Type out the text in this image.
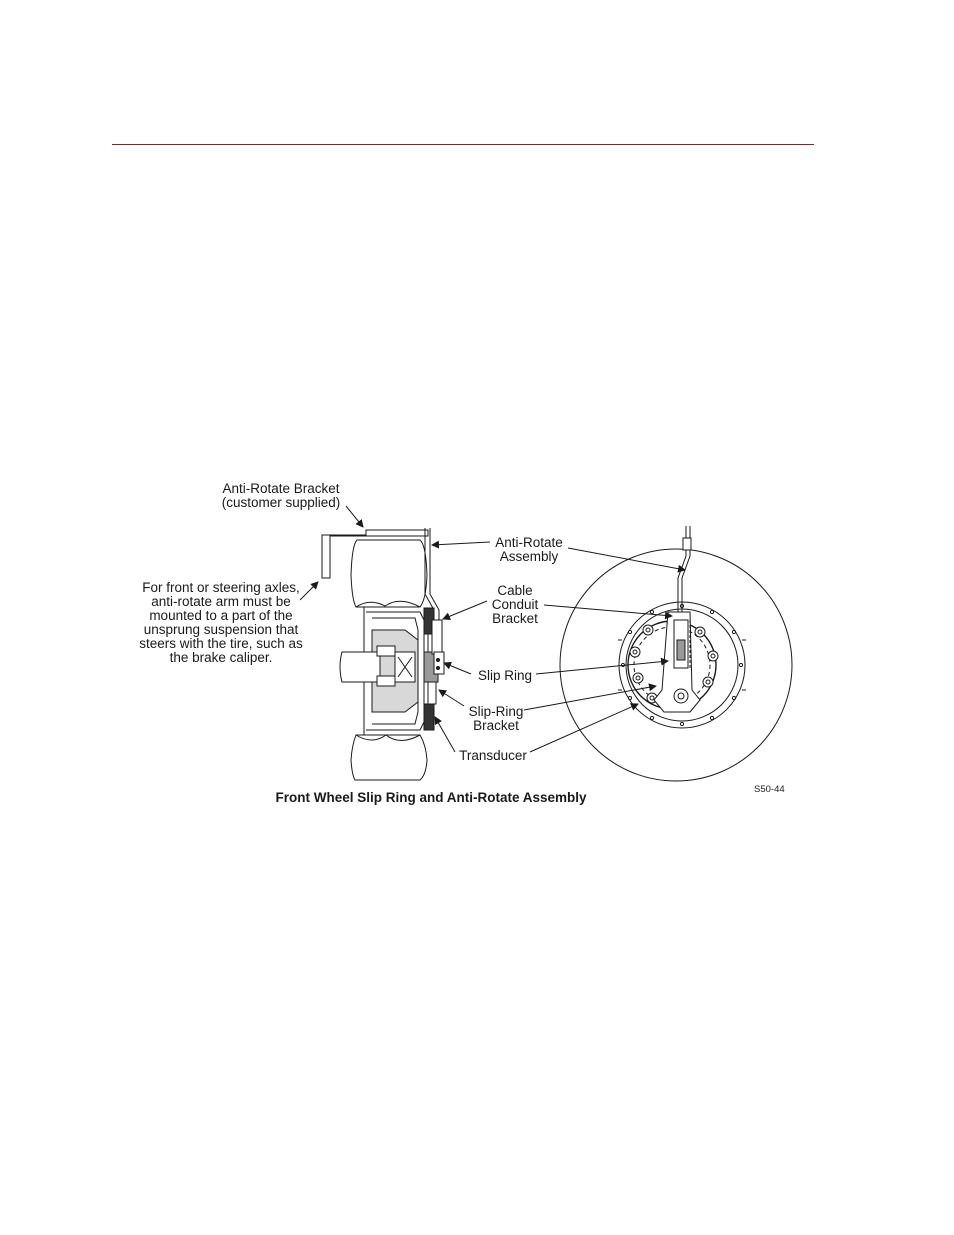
Anti-Rotate Bracket
(customer supplied)
Anti-Rotate
Assembly
Cable
Conduit
Bracket
Slip Ring
Slip-Ring
Bracket
Transducer
For front or steering axles,
anti-rotate arm must be
mounted to a part of the
unsprung suspension that
steers with the tire, such as
the brake caliper.
S50-44
Front Wheel Slip Ring and Anti-Rotate Assembly
